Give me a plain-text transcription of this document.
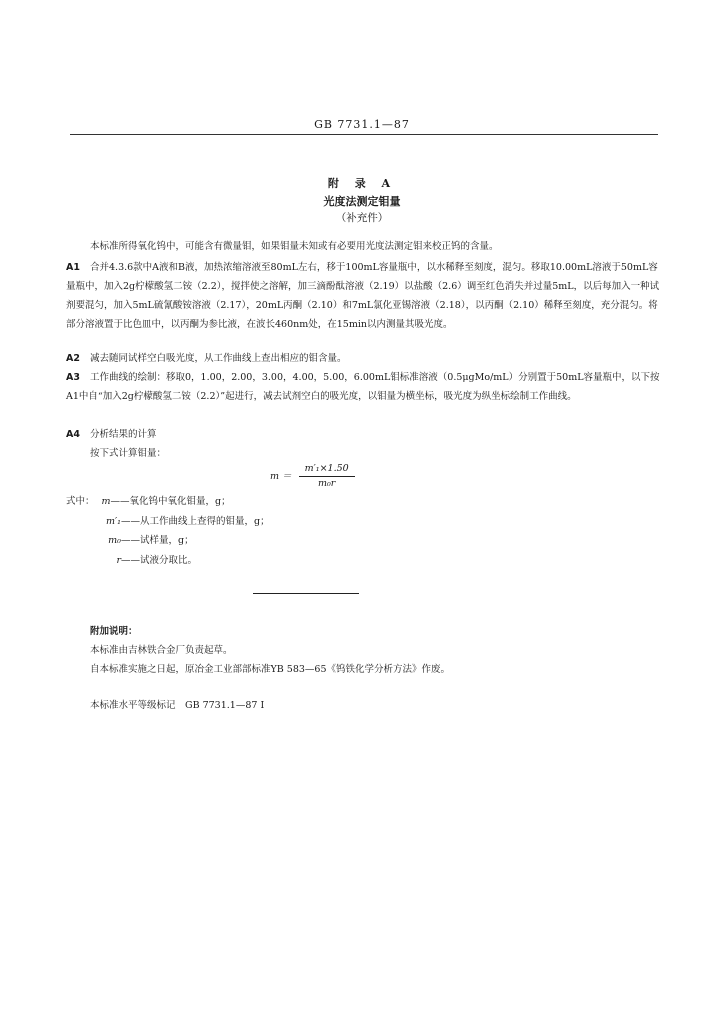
GB 7731.1—87
附 录 A
光度法测定钼量
（补充件）
本标准所得氧化钨中，可能含有微量钼，如果钼量未知或有必要用光度法测定钼来校正钨的含量。
A1 合并4.3.6款中A液和B液，加热浓缩溶液至80mL左右，移于100mL容量瓶中，以水稀释至刻度，混匀。移取10.00mL溶液于50mL容量瓶中，加入2g柠檬酸氢二铵（2.2），搅拌使之溶解，加三滴酚酞溶液（2.19）以盐酸（2.6）调至红色消失并过量5mL，以后每加入一种试剂要混匀，加入5mL硫氰酸铵溶液（2.17），20mL丙酮（2.10）和7mL氯化亚锡溶液（2.18），以丙酮（2.10）稀释至刻度，充分混匀。将部分溶液置于比色皿中，以丙酮为参比液，在波长460nm处，在15min以内测量其吸光度。
A2 减去随同试样空白吸光度，从工作曲线上查出相应的钼含量。
A3 工作曲线的绘制：移取0，1.00，2.00，3.00，4.00，5.00，6.00mL钼标准溶液（0.5μgMo/mL）分别置于50mL容量瓶中，以下按A1中自“加入2g柠檬酸氢二铵（2.2）”起进行，减去试剂空白的吸光度，以钼量为横坐标，吸光度为纵坐标绘制工作曲线。
A4 分析结果的计算
按下式计算钼量：
$m = \frac{\text{m′₁×1.50}}{\text{m₀r}}$
式中： m——氧化钨中氧化钼量，g；
m′₁——从工作曲线上查得的钼量，g；
m₀——试样量，g；
r——试液分取比。
附加说明：
本标准由吉林铁合金厂负责起草。
自本标准实施之日起，原冶金工业部部标准YB 583—65《钨铁化学分析方法》作废。
本标准水平等级标记　GB 7731.1—87 Ⅰ
